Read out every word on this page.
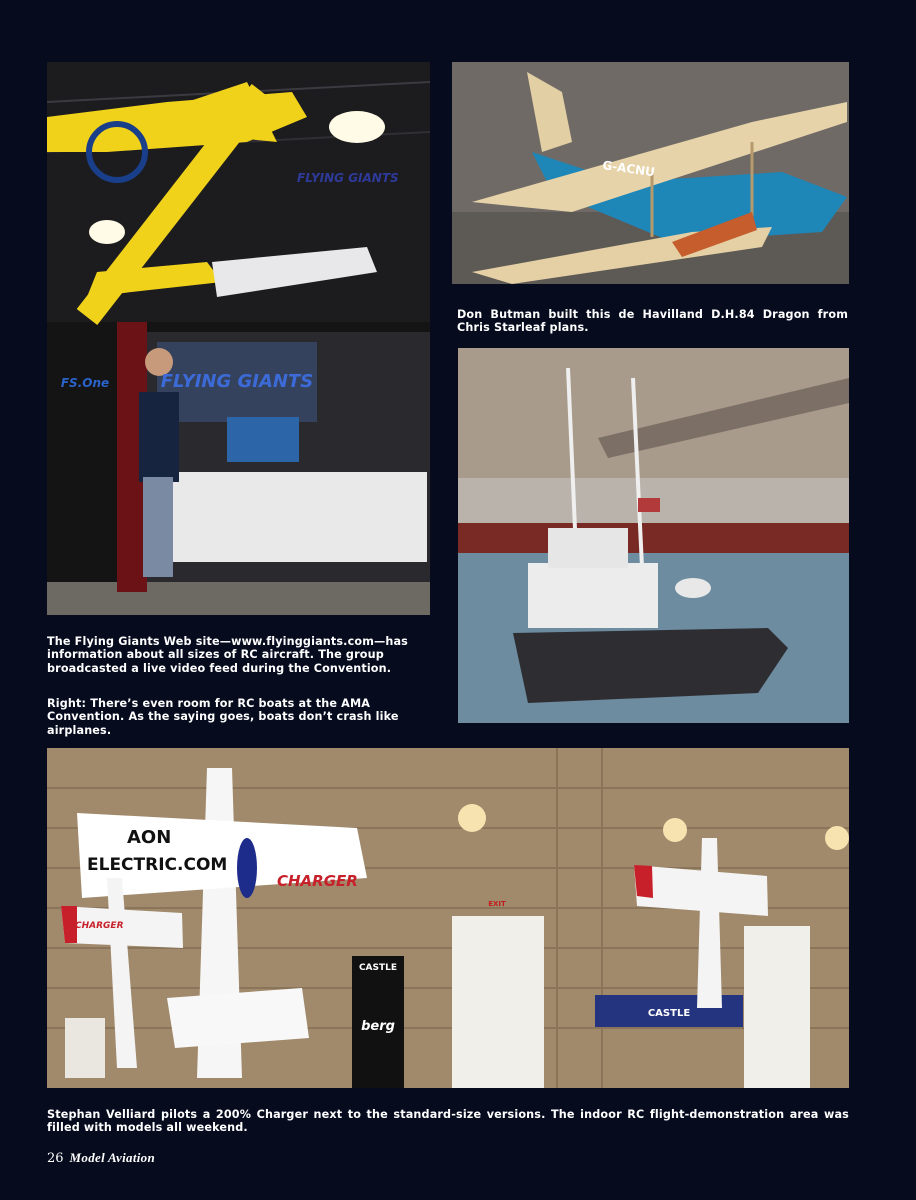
FLYING GIANTS
FLYING GIANTS
FS.One
G-ACNU

Don Butman built this de Havilland D.H.84 Dragon from Chris Starleaf plans.

The Flying Giants Web site—www.flyinggiants.com—has information about all sizes of RC aircraft. The group broadcasted a live video feed during the Convention.

Right: There’s even room for RC boats at the AMA Convention. As the saying goes, boats don’t crash like airplanes.

AON
ELECTRIC.COM
CHARGER
CHARGER
CASTLE
berg
CASTLE
EXIT

Stephan Velliard pilots a 200% Charger next to the standard-size versions. The indoor RC flight-demonstration area was filled with models all weekend.

26 Model Aviation
